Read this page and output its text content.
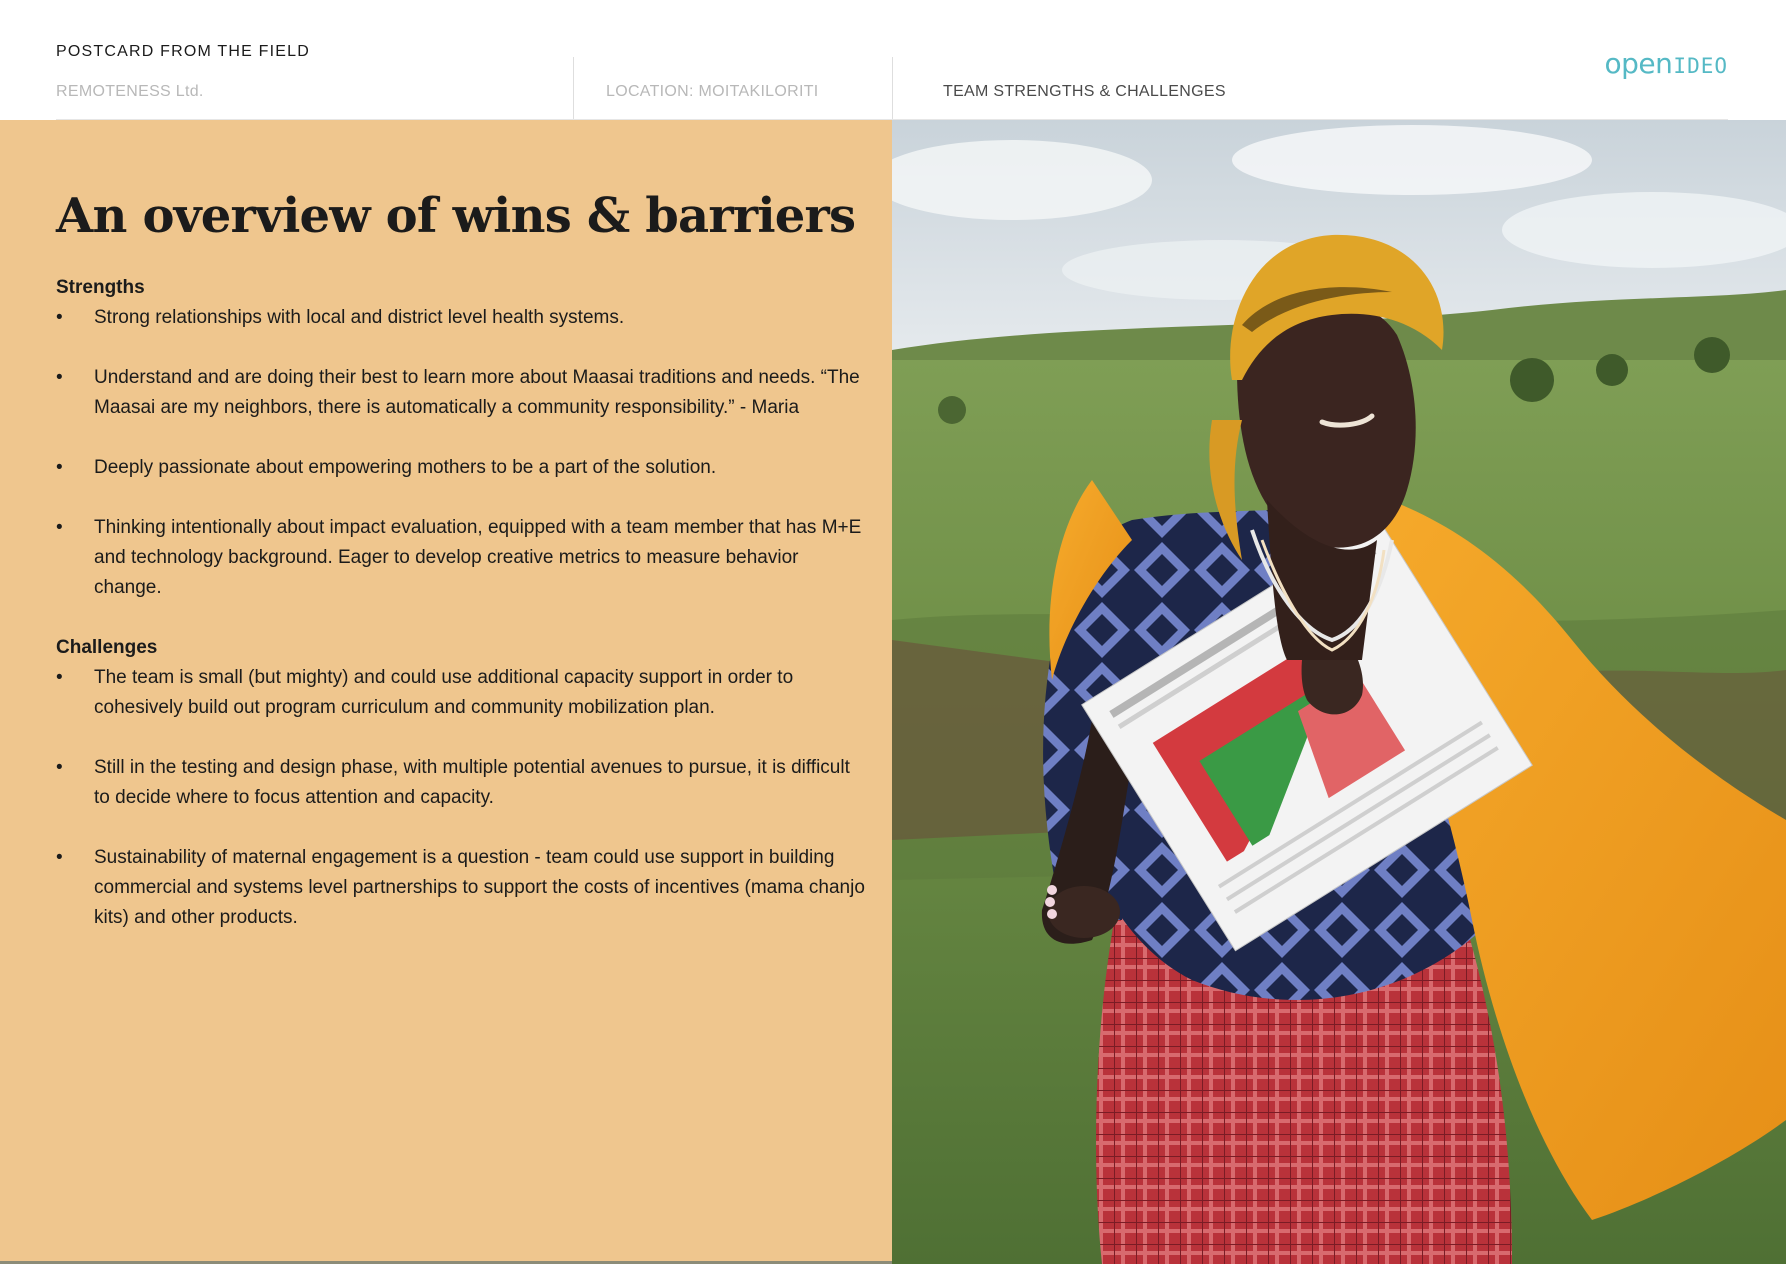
POSTCARD FROM THE FIELD
REMOTENESS Ltd.	LOCATION: MOITAKILORITI	TEAM STRENGTHS & CHALLENGES
openIDEO
An overview of wins & barriers
Strengths
• Strong relationships with local and district level health systems.
• Understand and are doing their best to learn more about Maasai traditions and needs. “The Maasai are my neighbors, there is automatically a community responsibility.” - Maria
• Deeply passionate about empowering mothers to be a part of the solution.
• Thinking intentionally about impact evaluation, equipped with a team member that has M+E and technology background. Eager to develop creative metrics to measure behavior change.
Challenges
• The team is small (but mighty) and could use additional capacity support in order to cohesively build out program curriculum and community mobilization plan.
• Still in the testing and design phase, with multiple potential avenues to pursue, it is difficult to decide where to focus attention and capacity.
• Sustainability of maternal engagement is a question - team could use support in building commercial and systems level partnerships to support the costs of incentives (mama chanjo kits) and other products.
